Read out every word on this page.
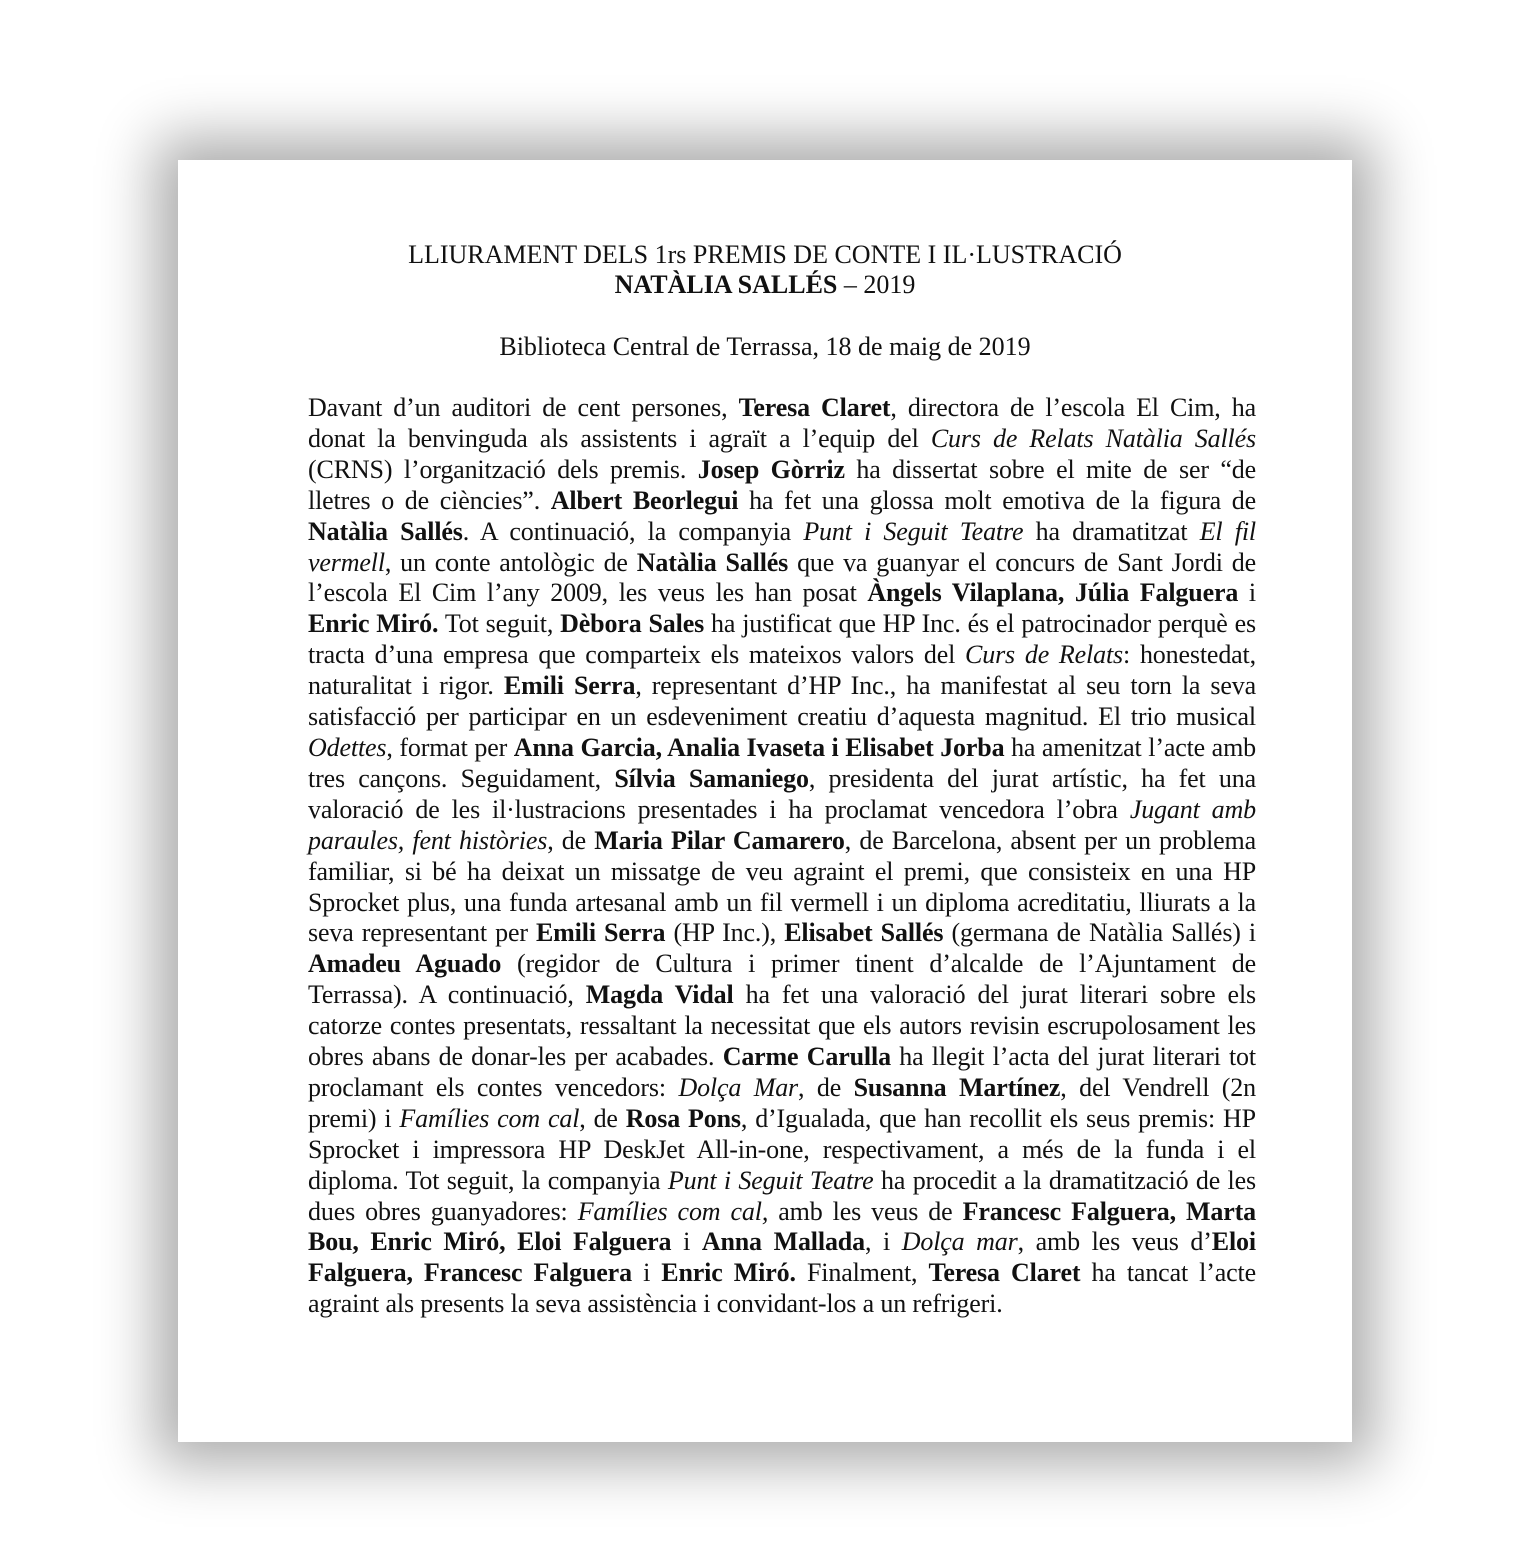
LLIURAMENT DELS 1rs PREMIS DE CONTE I IL·LUSTRACIÓ
NATÀLIA SALLÉS – 2019
Biblioteca Central de Terrassa, 18 de maig de 2019
Davant d’un auditori de cent persones, Teresa Claret, directora de l’escola El Cim, ha donat la benvinguda als assistents i agraït a l’equip del Curs de Relats Natàlia Sallés (CRNS) l’organització dels premis. Josep Gòrriz ha dissertat sobre el mite de ser “de lletres o de ciències”. Albert Beorlegui ha fet una glossa molt emotiva de la figura de Natàlia Sallés. A continuació, la companyia Punt i Seguit Teatre ha dramatitzat El fil vermell, un conte antològic de Natàlia Sallés que va guanyar el concurs de Sant Jordi de l’escola El Cim l’any 2009, les veus les han posat Àngels Vilaplana, Júlia Falguera i Enric Miró. Tot seguit, Dèbora Sales ha justificat que HP Inc. és el patrocinador perquè es tracta d’una empresa que comparteix els mateixos valors del Curs de Relats: honestedat, naturalitat i rigor. Emili Serra, representant d’HP Inc., ha manifestat al seu torn la seva satisfacció per participar en un esdeveniment creatiu d’aquesta magnitud. El trio musical Odettes, format per Anna Garcia, Analia Ivaseta i Elisabet Jorba ha amenitzat l’acte amb tres cançons. Seguidament, Sílvia Samaniego, presidenta del jurat artístic, ha fet una valoració de les il·lustracions presentades i ha proclamat vencedora l’obra Jugant amb paraules, fent històries, de Maria Pilar Camarero, de Barcelona, absent per un problema familiar, si bé ha deixat un missatge de veu agraint el premi, que consisteix en una HP Sprocket plus, una funda artesanal amb un fil vermell i un diploma acreditatiu, lliurats a la seva representant per Emili Serra (HP Inc.), Elisabet Sallés (germana de Natàlia Sallés) i Amadeu Aguado (regidor de Cultura i primer tinent d’alcalde de l’Ajuntament de Terrassa). A continuació, Magda Vidal ha fet una valoració del jurat literari sobre els catorze contes presentats, ressaltant la necessitat que els autors revisin escrupolosament les obres abans de donar-les per acabades. Carme Carulla ha llegit l’acta del jurat literari tot proclamant els contes vencedors: Dolça Mar, de Susanna Martínez, del Vendrell (2n premi) i Famílies com cal, de Rosa Pons, d’Igualada, que han recollit els seus premis: HP Sprocket i impressora HP DeskJet All-in-one, respectivament, a més de la funda i el diploma. Tot seguit, la companyia Punt i Seguit Teatre ha procedit a la dramatització de les dues obres guanyadores: Famílies com cal, amb les veus de Francesc Falguera, Marta Bou, Enric Miró, Eloi Falguera i Anna Mallada, i Dolça mar, amb les veus d’Eloi Falguera, Francesc Falguera i Enric Miró. Finalment, Teresa Claret ha tancat l’acte agraint als presents la seva assistència i convidant-los a un refrigeri.
